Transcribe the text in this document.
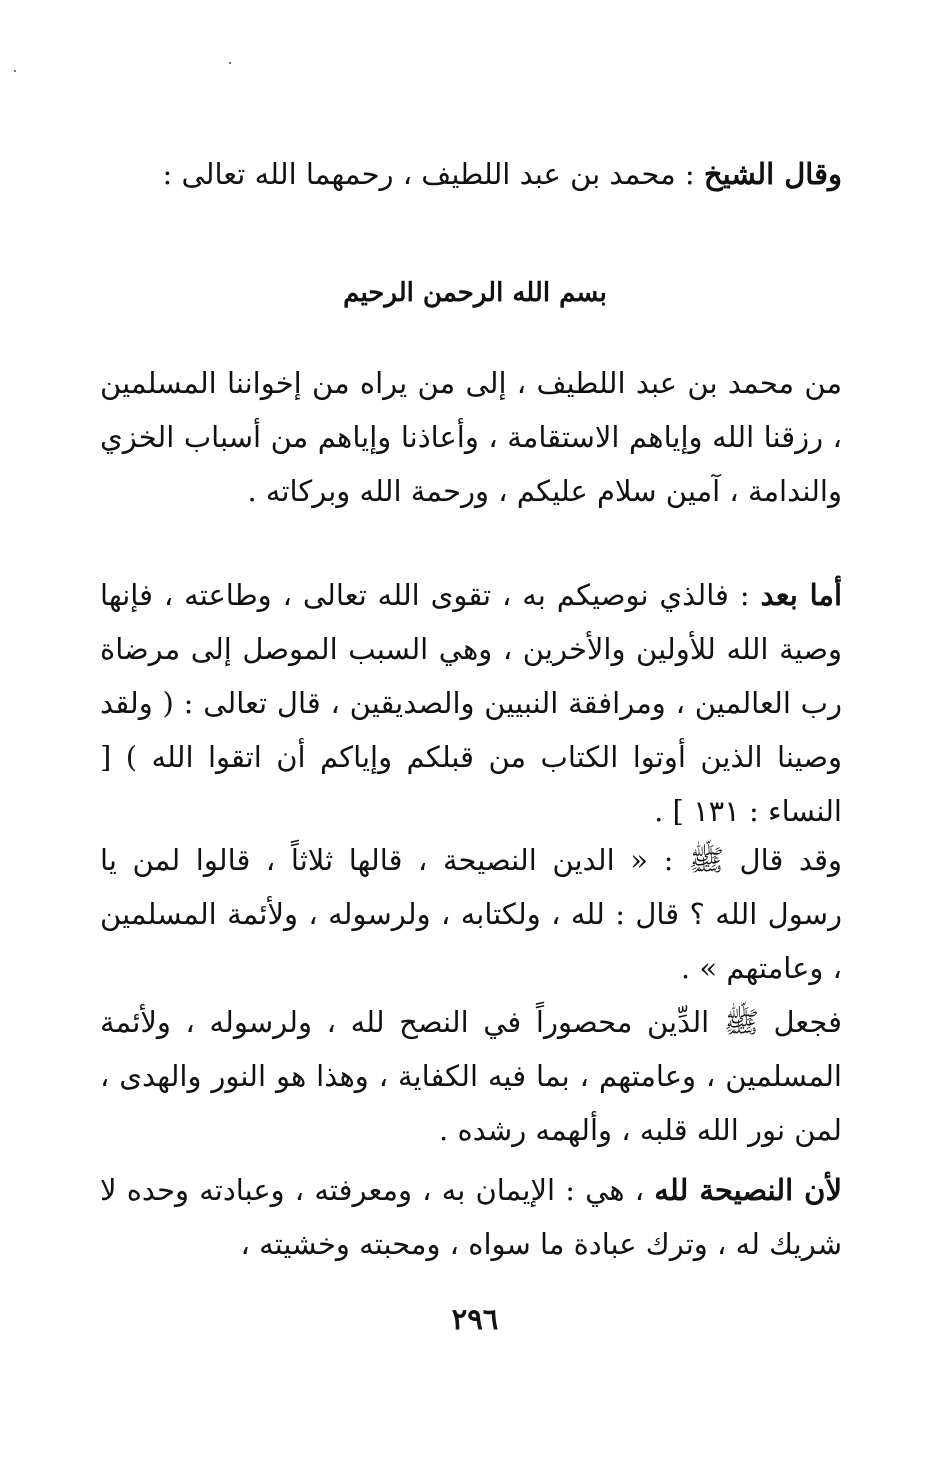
وقال الشيخ : محمد بن عبد اللطيف ، رحمهما الله تعالى :

بسم الله الرحمن الرحيم

من محمد بن عبد اللطيف ، إلى من يراه من إخواننا المسلمين ، رزقنا الله وإياهم الاستقامة ، وأعاذنا وإياهم من أسباب الخزي والندامة ، آمين سلام عليكم ، ورحمة الله وبركاته .

أما بعد : فالذي نوصيكم به ، تقوى الله تعالى ، وطاعته ، فإنها وصية الله للأولين والأخرين ، وهي السبب الموصل إلى مرضاة رب العالمين ، ومرافقة النبيين والصديقين ، قال تعالى : ( ولقد وصينا الذين أوتوا الكتاب من قبلكم وإياكم أن اتقوا الله ) [ النساء : ١٣١ ] .

وقد قال ﷺ : « الدين النصيحة ، قالها ثلاثاً ، قالوا لمن يا رسول الله ؟ قال : لله ، ولكتابه ، ولرسوله ، ولأئمة المسلمين ، وعامتهم » .

فجعل ﷺ الدِّين محصوراً في النصح لله ، ولرسوله ، ولأئمة المسلمين ، وعامتهم ، بما فيه الكفاية ، وهذا هو النور والهدى ، لمن نور الله قلبه ، وألهمه رشده .

لأن النصيحة لله ، هي : الإيمان به ، ومعرفته ، وعبادته وحده لا شريك له ، وترك عبادة ما سواه ، ومحبته وخشيته ،

٢٩٦
